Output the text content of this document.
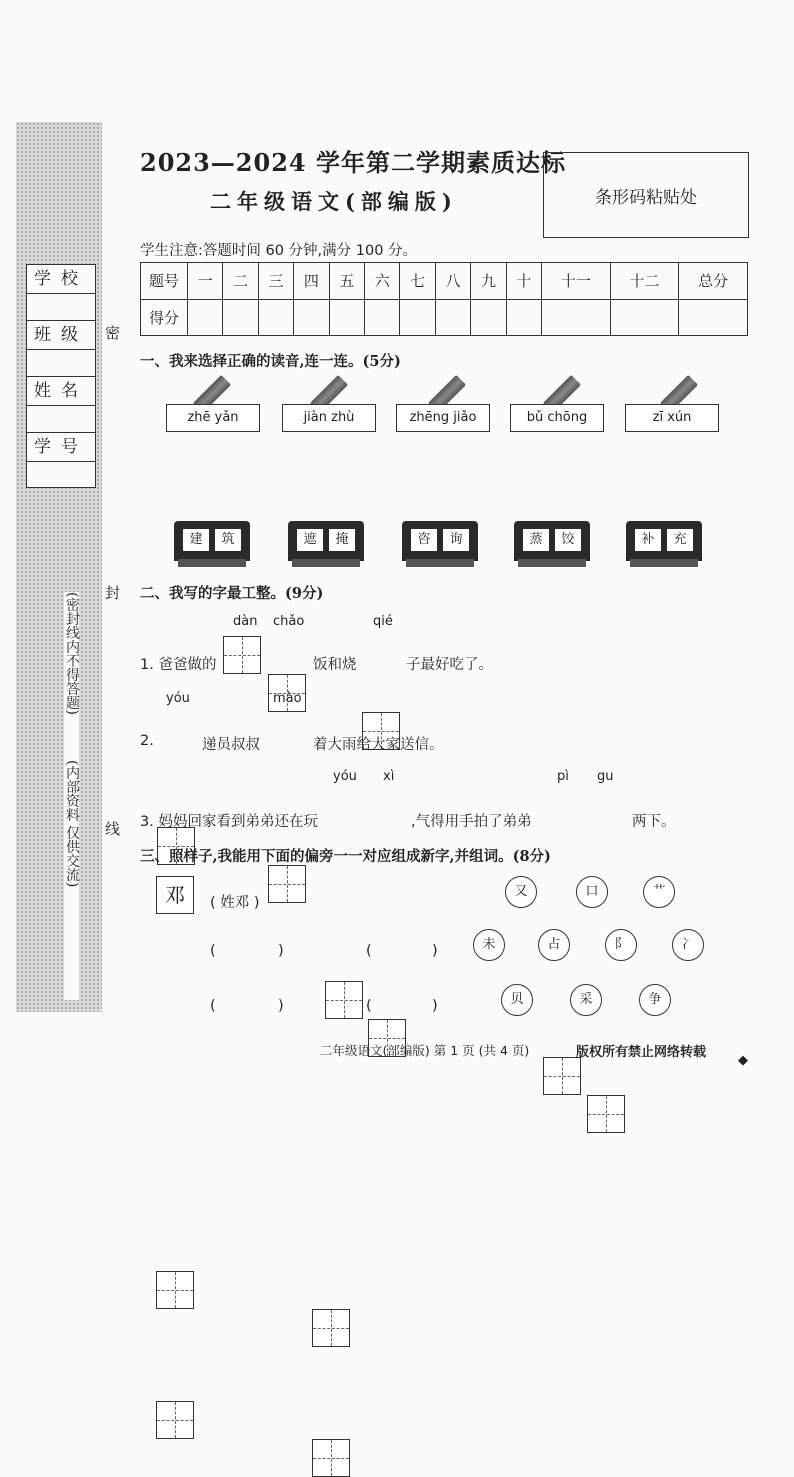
学校
班级
姓名
学号
(密封线内不得答题)
(内部资料 仅供交流)
密
封
线
2023—2024 学年第二学期素质达标
二年级语文(部编版)	条形码粘贴处
学生注意:答题时间 60 分钟,满分 100 分。
题号	一	二	三	四	五	六	七	八	九	十	十一	十二	总分
得分													
一、我来选择正确的读音,连一连。(5分)
zhē yǎn	jiàn zhù	zhēng jiǎo	bǔ chōng	zī xún
建	筑	遮	掩	咨	询	蒸	饺	补	充
二、我写的字最工整。(9分)
dàn chǎo	qié
1. 爸爸做的	饭和烧	子最好吃了。
yóu	mào
2.	递员叔叔	着大雨给大家送信。
yóu xì	pì gu
3. 妈妈回家看到弟弟还在玩	,气得用手拍了弟弟	两下。
三、照样子,我能用下面的偏旁一一对应组成新字,并组词。(8分)
邓	( 姓邓 )
(	)	(	)
(	)	(	)
又	口	艹
未	占	阝	冫
贝	采	争
二年级语文(部编版) 第 1 页 (共 4 页)	版权所有禁止网络转载
◆
